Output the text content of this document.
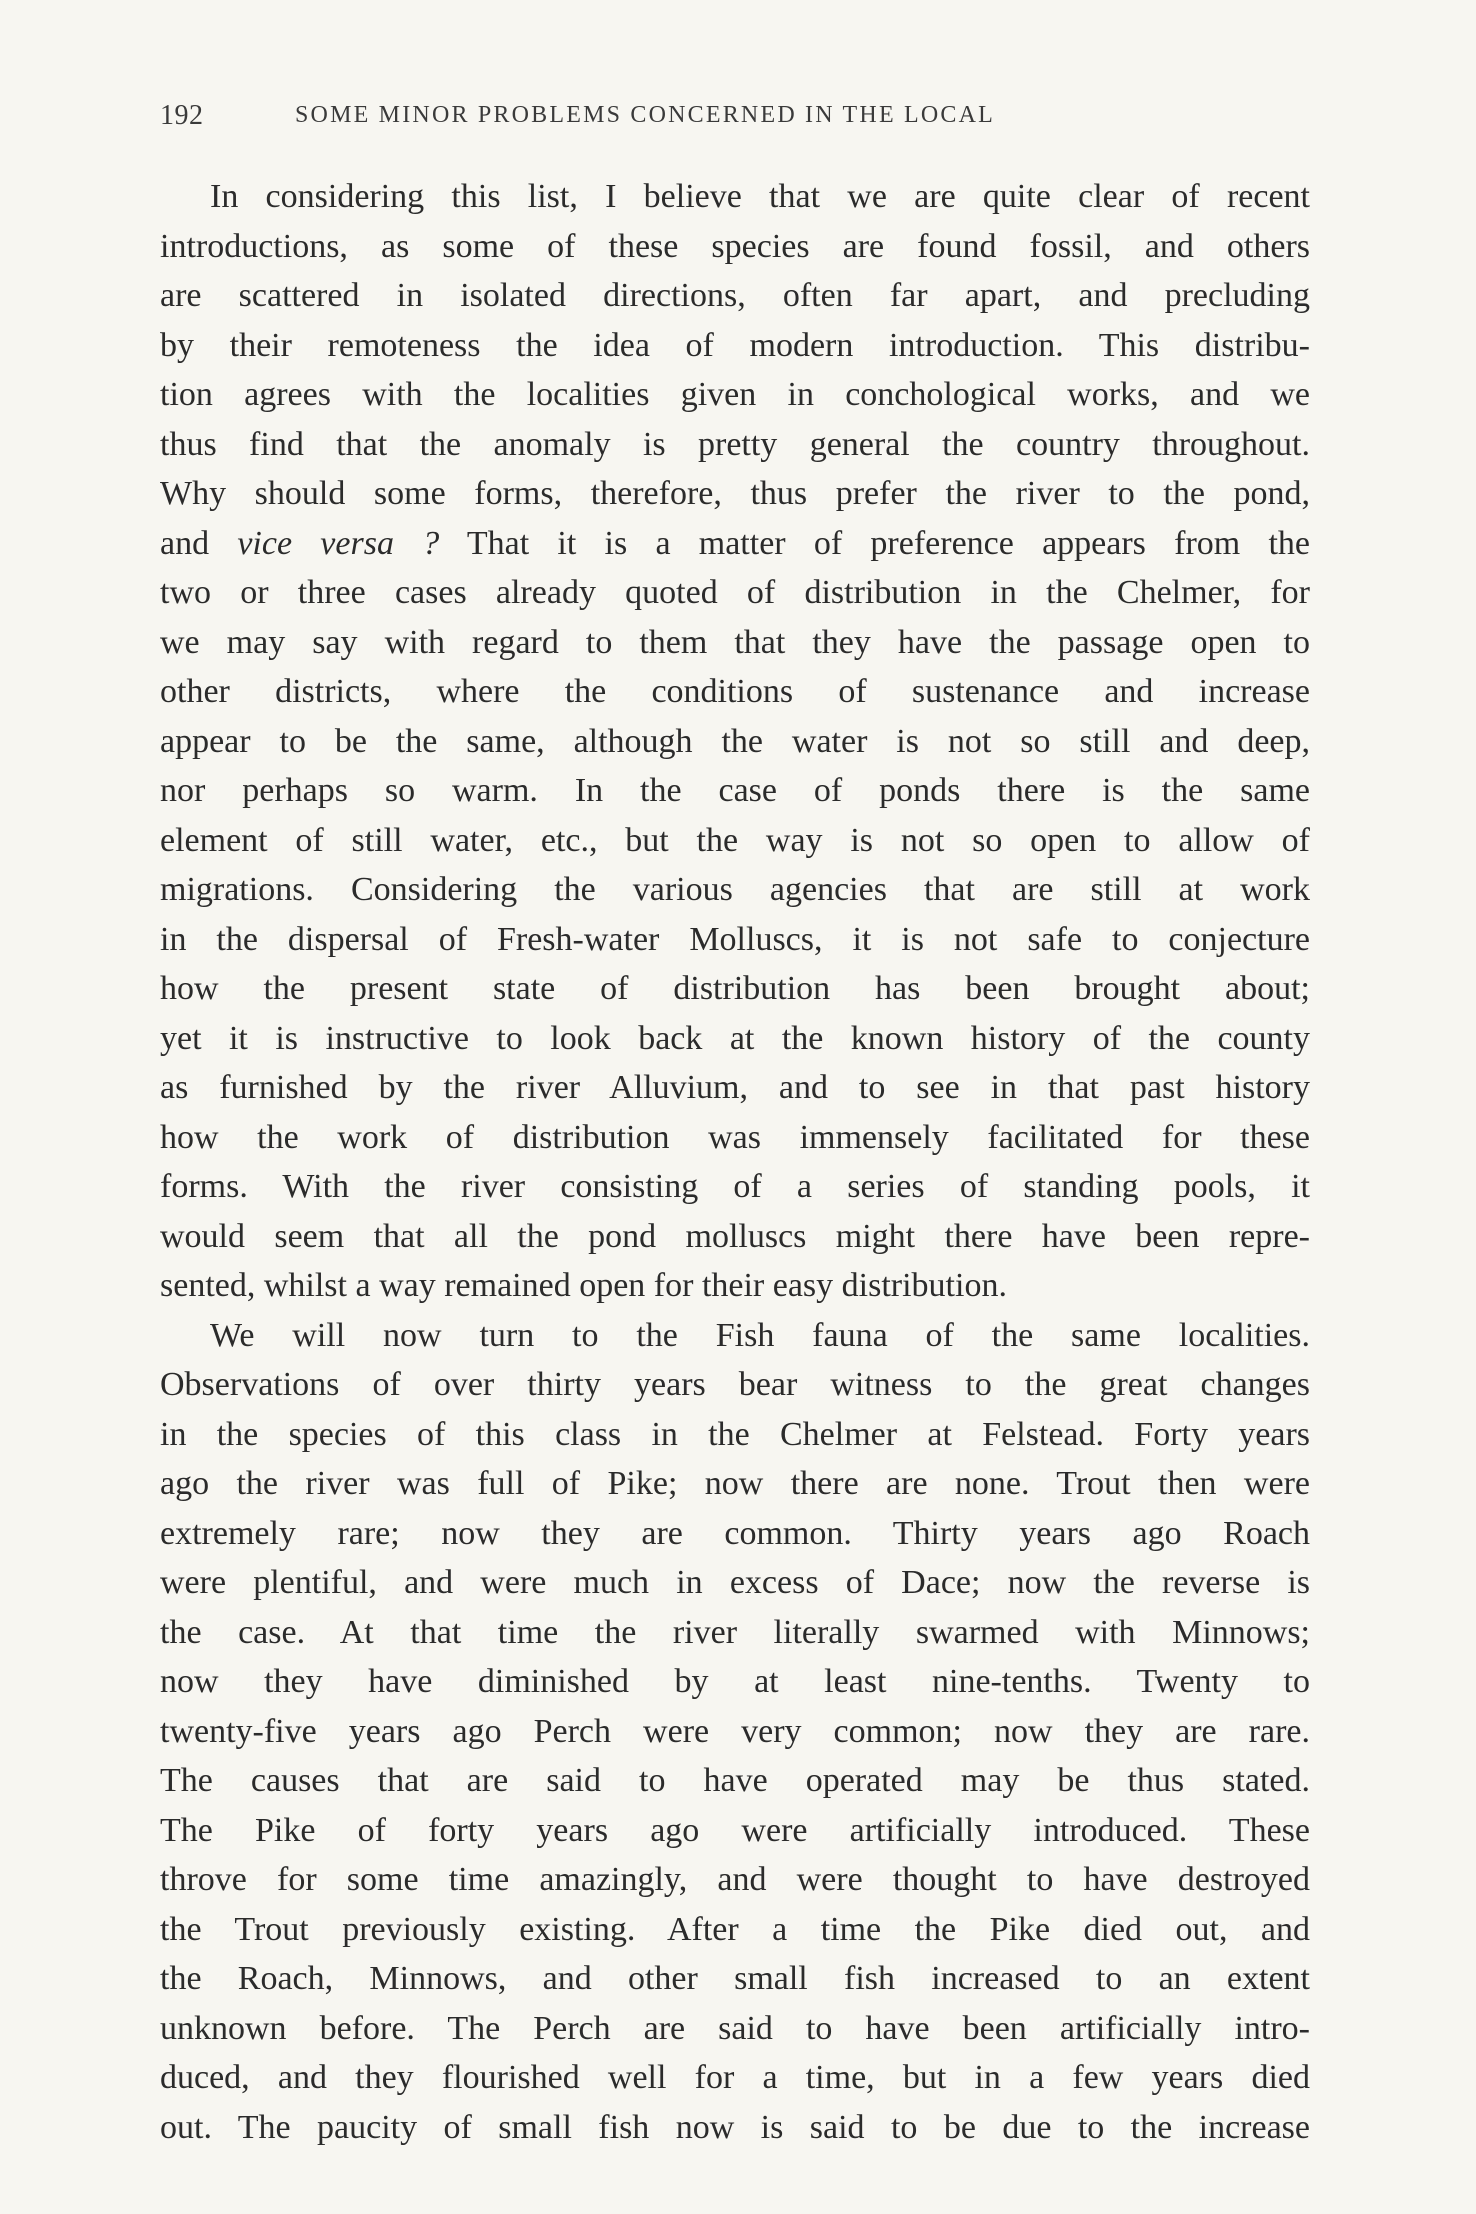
192	SOME MINOR PROBLEMS CONCERNED IN THE LOCAL
In considering this list, I believe that we are quite clear of recent
introductions, as some of these species are found fossil, and others
are scattered in isolated directions, often far apart, and precluding
by their remoteness the idea of modern introduction. This distribu-
tion agrees with the localities given in conchological works, and we
thus find that the anomaly is pretty general the country throughout.
Why should some forms, therefore, thus prefer the river to the pond,
and vice versa ? That it is a matter of preference appears from the
two or three cases already quoted of distribution in the Chelmer, for
we may say with regard to them that they have the passage open to
other districts, where the conditions of sustenance and increase
appear to be the same, although the water is not so still and deep,
nor perhaps so warm. In the case of ponds there is the same
element of still water, etc., but the way is not so open to allow of
migrations. Considering the various agencies that are still at work
in the dispersal of Fresh-water Molluscs, it is not safe to conjecture
how the present state of distribution has been brought about;
yet it is instructive to look back at the known history of the county
as furnished by the river Alluvium, and to see in that past history
how the work of distribution was immensely facilitated for these
forms. With the river consisting of a series of standing pools, it
would seem that all the pond molluscs might there have been repre-
sented, whilst a way remained open for their easy distribution.
We will now turn to the Fish fauna of the same localities.
Observations of over thirty years bear witness to the great changes
in the species of this class in the Chelmer at Felstead. Forty years
ago the river was full of Pike; now there are none. Trout then were
extremely rare; now they are common. Thirty years ago Roach
were plentiful, and were much in excess of Dace; now the reverse is
the case. At that time the river literally swarmed with Minnows;
now they have diminished by at least nine-tenths. Twenty to
twenty-five years ago Perch were very common; now they are rare.
The causes that are said to have operated may be thus stated.
The Pike of forty years ago were artificially introduced. These
throve for some time amazingly, and were thought to have destroyed
the Trout previously existing. After a time the Pike died out, and
the Roach, Minnows, and other small fish increased to an extent
unknown before. The Perch are said to have been artificially intro-
duced, and they flourished well for a time, but in a few years died
out. The paucity of small fish now is said to be due to the increase
